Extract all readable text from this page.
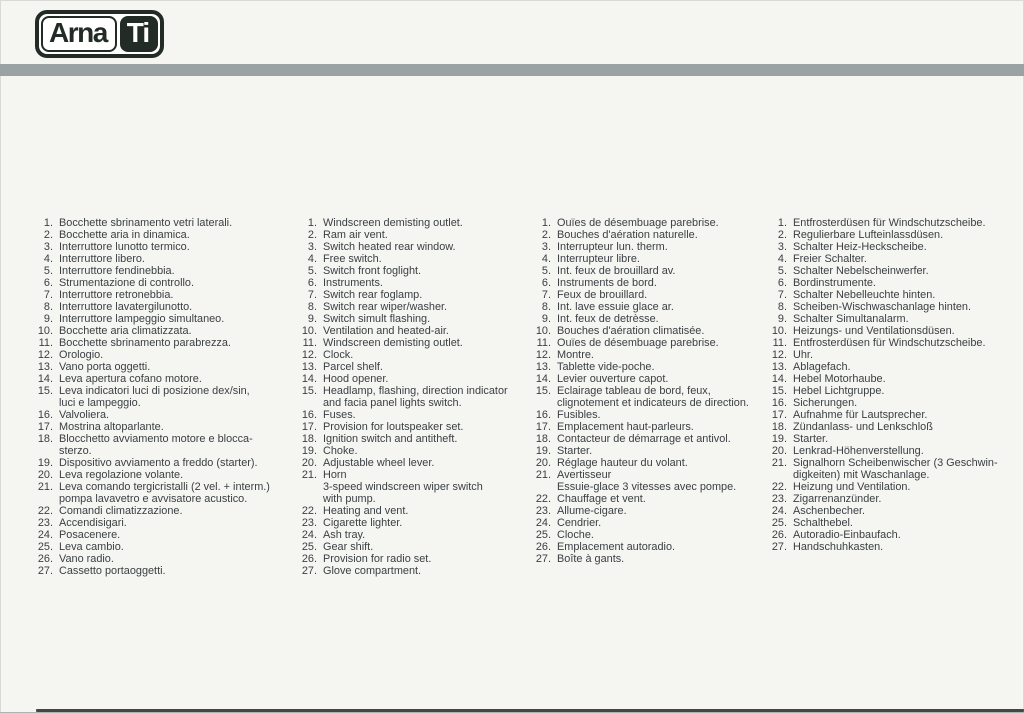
Arna Ti
1. Bocchette sbrinamento vetri laterali.
2. Bocchette aria in dinamica.
3. Interruttore lunotto termico.
4. Interruttore libero.
5. Interruttore fendinebbia.
6. Strumentazione di controllo.
7. Interruttore retronebbia.
8. Interruttore lavatergilunotto.
9. Interruttore lampeggio simultaneo.
10. Bocchette aria climatizzata.
11. Bocchette sbrinamento parabrezza.
12. Orologio.
13. Vano porta oggetti.
14. Leva apertura cofano motore.
15. Leva indicatori luci di posizione dex/sin,
luci e lampeggio.
16. Valvoliera.
17. Mostrina altoparlante.
18. Blocchetto avviamento motore e blocca-
sterzo.
19. Dispositivo avviamento a freddo (starter).
20. Leva regolazione volante.
21. Leva comando tergicristalli (2 vel. + interm.)
pompa lavavetro e avvisatore acustico.
22. Comandi climatizzazione.
23. Accendisigari.
24. Posacenere.
25. Leva cambio.
26. Vano radio.
27. Cassetto portaoggetti.
1. Windscreen demisting outlet.
2. Ram air vent.
3. Switch heated rear window.
4. Free switch.
5. Switch front foglight.
6. Instruments.
7. Switch rear foglamp.
8. Switch rear wiper/washer.
9. Switch simult flashing.
10. Ventilation and heated-air.
11. Windscreen demisting outlet.
12. Clock.
13. Parcel shelf.
14. Hood opener.
15. Headlamp, flashing, direction indicator
and facia panel lights switch.
16. Fuses.
17. Provision for loutspeaker set.
18. Ignition switch and antitheft.
19. Choke.
20. Adjustable wheel lever.
21. Horn
3-speed windscreen wiper switch
with pump.
22. Heating and vent.
23. Cigarette lighter.
24. Ash tray.
25. Gear shift.
26. Provision for radio set.
27. Glove compartment.
1. Ouïes de désembuage parebrise.
2. Bouches d'aération naturelle.
3. Interrupteur lun. therm.
4. Interrupteur libre.
5. Int. feux de brouillard av.
6. Instruments de bord.
7. Feux de brouillard.
8. Int. lave essuie glace ar.
9. Int. feux de detrèsse.
10. Bouches d'aération climatisée.
11. Ouïes de désembuage parebrise.
12. Montre.
13. Tablette vide-poche.
14. Levier ouverture capot.
15. Eclairage tableau de bord, feux,
clignotement et indicateurs de direction.
16. Fusibles.
17. Emplacement haut-parleurs.
18. Contacteur de démarrage et antivol.
19. Starter.
20. Réglage hauteur du volant.
21. Avertisseur
Essuie-glace 3 vitesses avec pompe.
22. Chauffage et vent.
23. Allume-cigare.
24. Cendrier.
25. Cloche.
26. Emplacement autoradio.
27. Boîte à gants.
1. Entfrosterdüsen für Windschutzscheibe.
2. Regulierbare Lufteinlassdüsen.
3. Schalter Heiz-Heckscheibe.
4. Freier Schalter.
5. Schalter Nebelscheinwerfer.
6. Bordinstrumente.
7. Schalter Nebelleuchte hinten.
8. Scheiben-Wischwaschanlage hinten.
9. Schalter Simultanalarm.
10. Heizungs- und Ventilationsdüsen.
11. Entfrosterdüsen für Windschutzscheibe.
12. Uhr.
13. Ablagefach.
14. Hebel Motorhaube.
15. Hebel Lichtgruppe.
16. Sicherungen.
17. Aufnahme für Lautsprecher.
18. Zündanlass- und Lenkschloß
19. Starter.
20. Lenkrad-Höhenverstellung.
21. Signalhorn Scheibenwischer (3 Geschwin-
digkeiten) mit Waschanlage.
22. Heizung und Ventilation.
23. Zigarrenanzünder.
24. Aschenbecher.
25. Schalthebel.
26. Autoradio-Einbaufach.
27. Handschuhkasten.
